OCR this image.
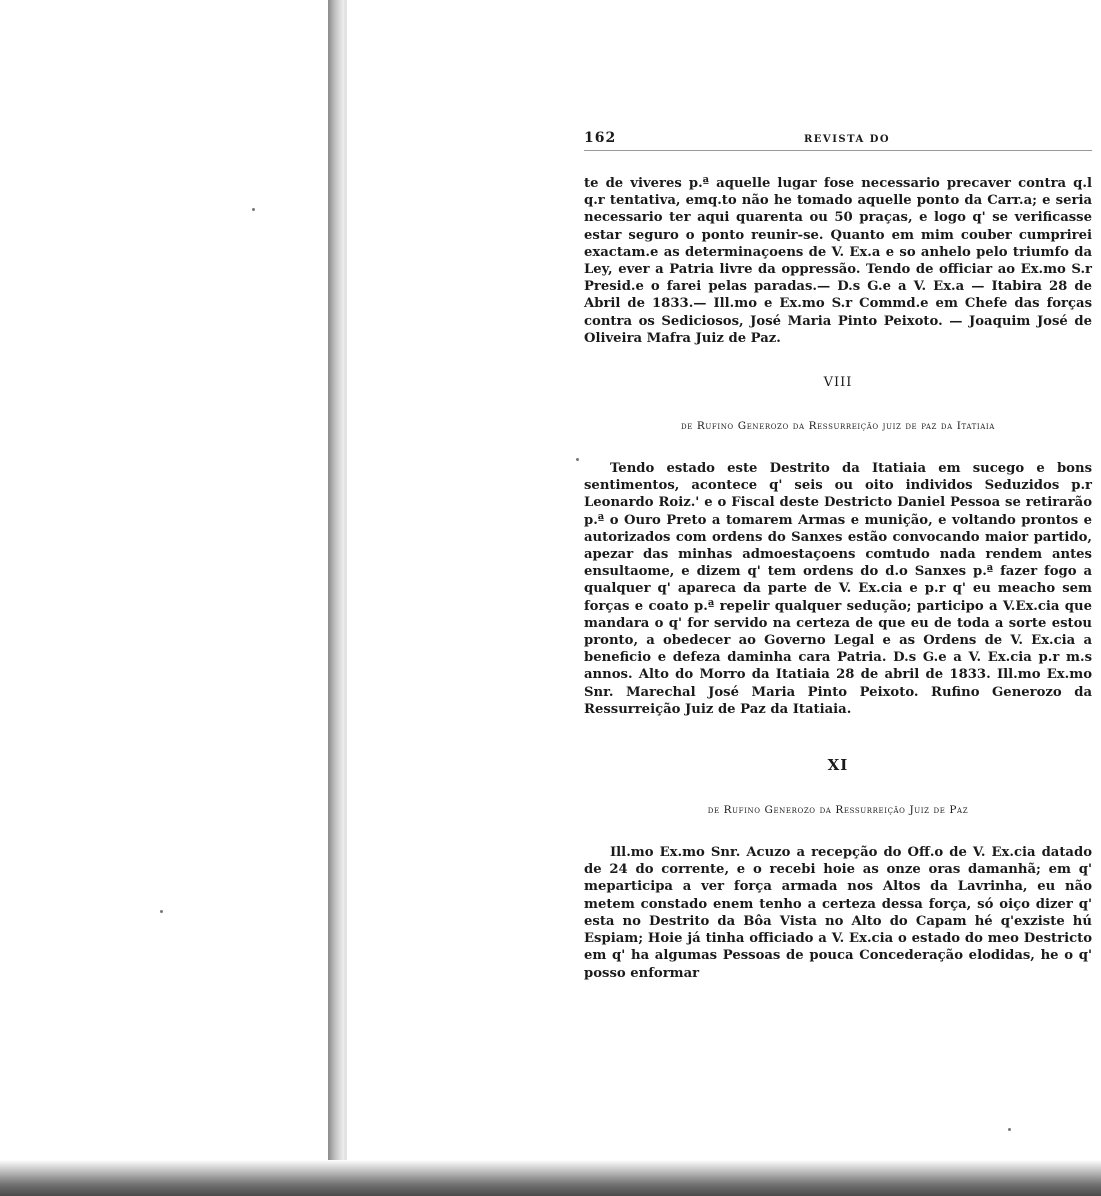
162	REVISTA DO

te de viveres p.ª aquelle lugar fose necessario precaver contra q.l q.r tentativa, emq.to não he tomado aquelle ponto da Carr.a; e seria necessario ter aqui quarenta ou 50 praças, e logo q' se verificasse estar seguro o ponto reunir-se. Quanto em mim couber cumprirei exactam.e as determinaçoens de V. Ex.a e so anhelo pelo triumfo da Ley, ever a Patria livre da oppressão. Tendo de officiar ao Ex.mo S.r Presid.e o farei pelas paradas.— D.s G.e a V. Ex.a — Itabira 28 de Abril de 1833.— Ill.mo e Ex.mo S.r Commd.e em Chefe das forças contra os Sediciosos, José Maria Pinto Peixoto. — Joaquim José de Oliveira Mafra Juiz de Paz.

VIII
de Rufino Generozo da Ressurreição juiz de paz da Itatiaia

Tendo estado este Destrito da Itatiaia em sucego e bons sentimentos, acontece q' seis ou oito individos Seduzidos p.r Leonardo Roiz.' e o Fiscal deste Destricto Daniel Pessoa se retirarão p.ª o Ouro Preto a tomarem Armas e munição, e voltando prontos e autorizados com ordens do Sanxes estão convocando maior partido, apezar das minhas admoestaçoens comtudo nada rendem antes ensultaome, e dizem q' tem ordens do d.o Sanxes p.ª fazer fogo a qualquer q' apareca da parte de V. Ex.cia e p.r q' eu meacho sem forças e coato p.ª repelir qualquer sedução; participo a V.Ex.cia que mandara o q' for servido na certeza de que eu de toda a sorte estou pronto, a obedecer ao Governo Legal e as Ordens de V. Ex.cia a beneficio e defeza daminha cara Patria. D.s G.e a V. Ex.cia p.r m.s annos. Alto do Morro da Itatiaia 28 de abril de 1833. Ill.mo Ex.mo Snr. Marechal José Maria Pinto Peixoto. Rufino Generozo da Ressurreição Juiz de Paz da Itatiaia.

XI
de Rufino Generozo da Ressurreição Juiz de Paz

Ill.mo Ex.mo Snr. Acuzo a recepção do Off.o de V. Ex.cia datado de 24 do corrente, e o recebi hoie as onze oras damanhã; em q' meparticipa a ver força armada nos Altos da Lavrinha, eu não metem constado enem tenho a certeza dessa força, só oiço dizer q' esta no Destrito da Bôa Vista no Alto do Capam hé q'exziste hú Espiam; Hoie já tinha officiado a V. Ex.cia o estado do meo Destricto em q' ha algumas Pessoas de pouca Concederação elodidas, he o q' posso enformar
